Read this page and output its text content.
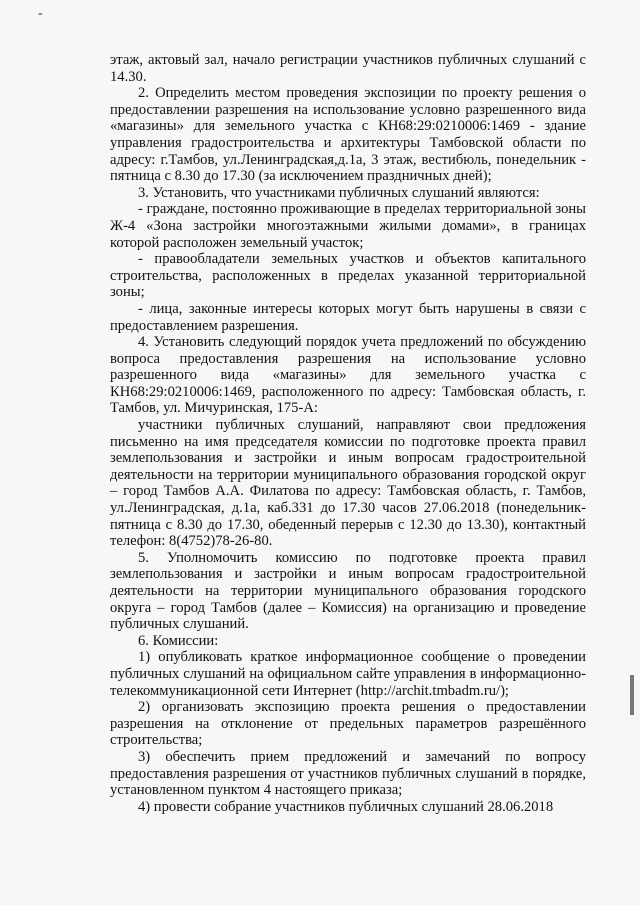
-

этаж, актовый зал, начало регистрации участников публичных слушаний с 14.30.

2. Определить местом проведения экспозиции по проекту решения о предоставлении разрешения на использование условно разрешенного вида «магазины» для земельного участка с КН68:29:0210006:1469 - здание управления градостроительства и архитектуры Тамбовской области по адресу: г.Тамбов, ул.Ленинградская,д.1а, 3 этаж, вестибюль, понедельник - пятница с 8.30 до 17.30 (за исключением праздничных дней);

3. Установить, что участниками публичных слушаний являются:

- граждане, постоянно проживающие в пределах территориальной зоны Ж-4 «Зона застройки многоэтажными жилыми домами», в границах которой расположен земельный участок;

- правообладатели земельных участков и объектов капитального строительства, расположенных в пределах указанной территориальной зоны;

- лица, законные интересы которых могут быть нарушены в связи с предоставлением разрешения.

4. Установить следующий порядок учета предложений по обсуждению вопроса предоставления разрешения на использование условно разрешенного вида «магазины» для земельного участка с КН68:29:0210006:1469, расположенного по адресу: Тамбовская область, г. Тамбов, ул. Мичуринская, 175-А:

участники публичных слушаний, направляют свои предложения письменно на имя председателя комиссии по подготовке проекта правил землепользования и застройки и иным вопросам градостроительной деятельности на территории муниципального образования городской округ – город Тамбов А.А. Филатова по адресу: Тамбовская область, г. Тамбов, ул.Ленинградская, д.1а, каб.331 до 17.30 часов 27.06.2018 (понедельник-пятница с 8.30 до 17.30, обеденный перерыв с 12.30 до 13.30), контактный телефон: 8(4752)78-26-80.

5. Уполномочить комиссию по подготовке проекта правил землепользования и застройки и иным вопросам градостроительной деятельности на территории муниципального образования городского округа – город Тамбов (далее – Комиссия) на организацию и проведение публичных слушаний.

6. Комиссии:

1) опубликовать краткое информационное сообщение о проведении публичных слушаний на официальном сайте управления в информационно-телекоммуникационной сети Интернет (http://archit.tmbadm.ru/);

2) организовать экспозицию проекта решения о предоставлении разрешения на отклонение от предельных параметров разрешённого строительства;

3) обеспечить прием предложений и замечаний по вопросу предоставления разрешения от участников публичных слушаний в порядке, установленном пунктом 4 настоящего приказа;

4) провести собрание участников публичных слушаний 28.06.2018
